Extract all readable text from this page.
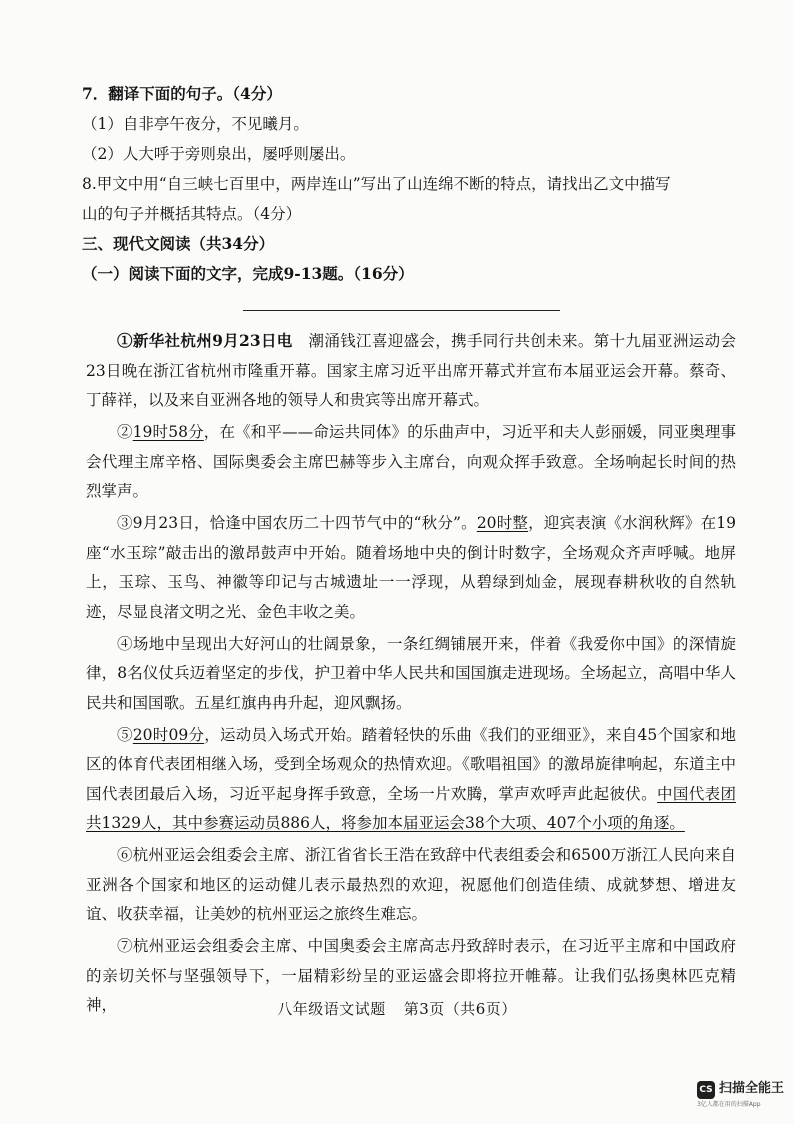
7．翻译下面的句子。（4分）
（1）自非亭午夜分，不见曦月。
（2）人大呼于旁则泉出，屡呼则屡出。
8.甲文中用“自三峡七百里中，两岸连山”写出了山连绵不断的特点，请找出乙文中描写
山的句子并概括其特点。（4分）
三、现代文阅读（共34分）
（一）阅读下面的文字，完成9-13题。（16分）

①新华社杭州9月23日电　潮涌钱江喜迎盛会，携手同行共创未来。第十九届亚洲运动会23日晚在浙江省杭州市隆重开幕。国家主席习近平出席开幕式并宣布本届亚运会开幕。蔡奇、丁薛祥，以及来自亚洲各地的领导人和贵宾等出席开幕式。

②19时58分，在《和平——命运共同体》的乐曲声中，习近平和夫人彭丽媛，同亚奥理事会代理主席辛格、国际奥委会主席巴赫等步入主席台，向观众挥手致意。全场响起长时间的热烈掌声。

③9月23日，恰逢中国农历二十四节气中的“秋分”。20时整，迎宾表演《水润秋辉》在19座“水玉琮”敲击出的激昂鼓声中开始。随着场地中央的倒计时数字，全场观众齐声呼喊。地屏上，玉琮、玉鸟、神徽等印记与古城遗址一一浮现，从碧绿到灿金，展现春耕秋收的自然轨迹，尽显良渚文明之光、金色丰收之美。

④场地中呈现出大好河山的壮阔景象，一条红绸铺展开来，伴着《我爱你中国》的深情旋律，8名仪仗兵迈着坚定的步伐，护卫着中华人民共和国国旗走进现场。全场起立，高唱中华人民共和国国歌。五星红旗冉冉升起，迎风飘扬。

⑤20时09分，运动员入场式开始。踏着轻快的乐曲《我们的亚细亚》，来自45个国家和地区的体育代表团相继入场，受到全场观众的热情欢迎。《歌唱祖国》的激昂旋律响起，东道主中国代表团最后入场，习近平起身挥手致意，全场一片欢腾，掌声欢呼声此起彼伏。中国代表团共1329人，其中参赛运动员886人，将参加本届亚运会38个大项、407个小项的角逐。

⑥杭州亚运会组委会主席、浙江省省长王浩在致辞中代表组委会和6500万浙江人民向来自亚洲各个国家和地区的运动健儿表示最热烈的欢迎，祝愿他们创造佳绩、成就梦想、增进友谊、收获幸福，让美妙的杭州亚运之旅终生难忘。

⑦杭州亚运会组委会主席、中国奥委会主席高志丹致辞时表示，在习近平主席和中国政府的亲切关怀与坚强领导下，一届精彩纷呈的亚运盛会即将拉开帷幕。让我们弘扬奥林匹克精神，	八年级语文试题 第3页（共6页）
CS 扫描全能王
3亿人都在用的扫描App
